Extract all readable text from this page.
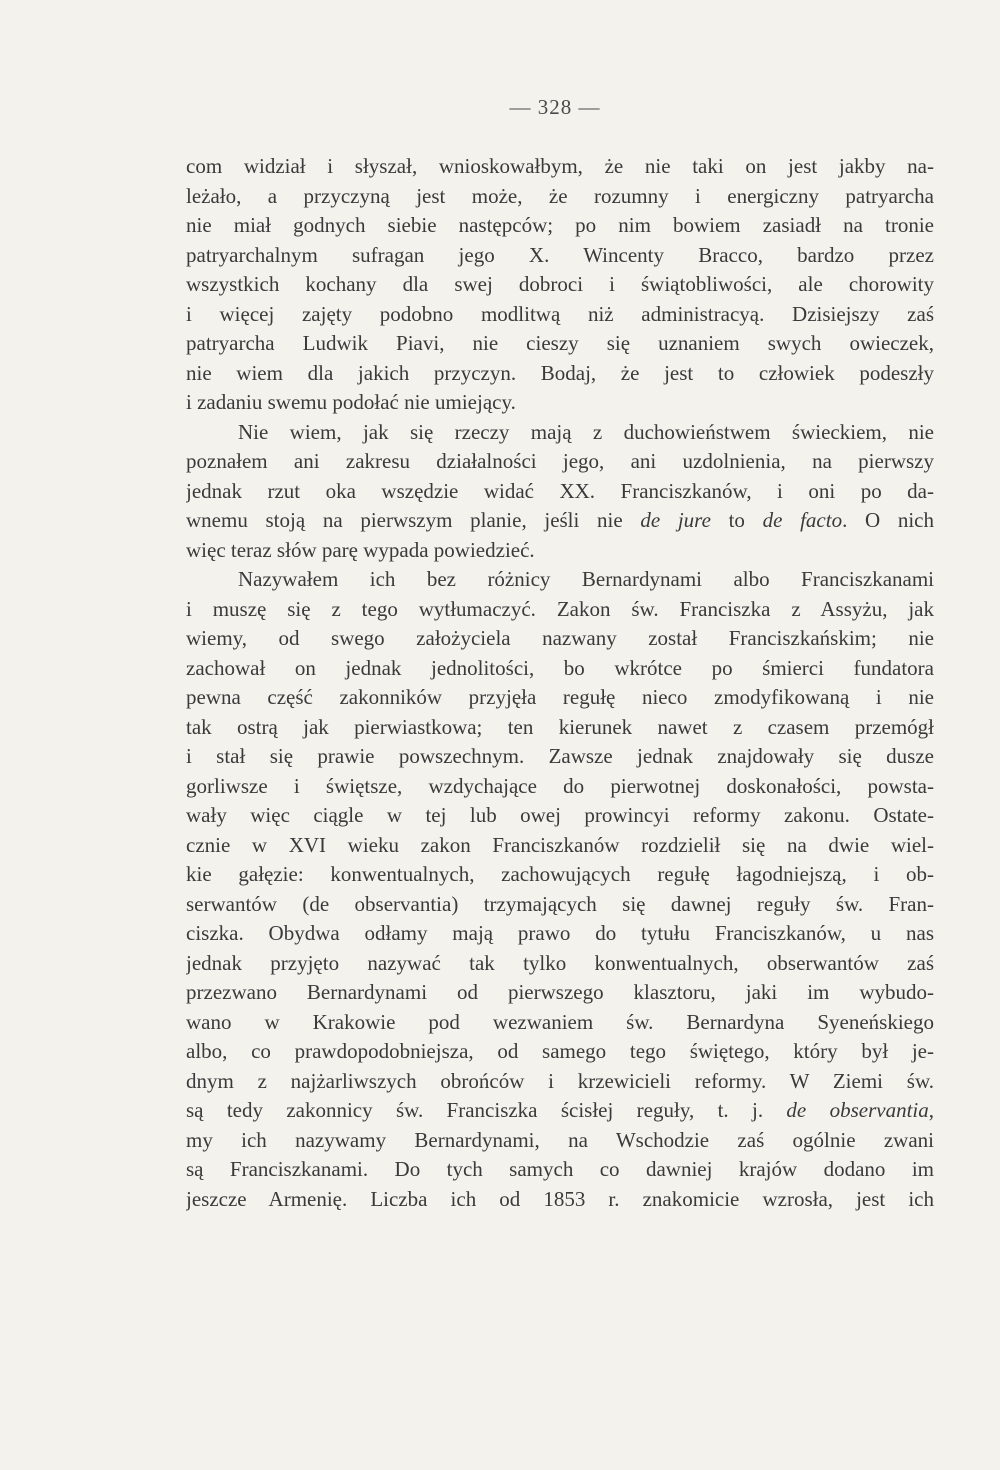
— 328 —
com widział i słyszał, wnioskowałbym, że nie taki on jest jakby na-
leżało, a przyczyną jest może, że rozumny i energiczny patryarcha
nie miał godnych siebie następców; po nim bowiem zasiadł na tronie
patryarchalnym sufragan jego X. Wincenty Bracco, bardzo przez
wszystkich kochany dla swej dobroci i świątobliwości, ale chorowity
i więcej zajęty podobno modlitwą niż administracyą. Dzisiejszy zaś
patryarcha Ludwik Piavi, nie cieszy się uznaniem swych owieczek,
nie wiem dla jakich przyczyn. Bodaj, że jest to człowiek podeszły
i zadaniu swemu podołać nie umiejący.
Nie wiem, jak się rzeczy mają z duchowieństwem świeckiem, nie
poznałem ani zakresu działalności jego, ani uzdolnienia, na pierwszy
jednak rzut oka wszędzie widać XX. Franciszkanów, i oni po da-
wnemu stoją na pierwszym planie, jeśli nie de jure to de facto. O nich
więc teraz słów parę wypada powiedzieć.
Nazywałem ich bez różnicy Bernardynami albo Franciszkanami
i muszę się z tego wytłumaczyć. Zakon św. Franciszka z Assyżu, jak
wiemy, od swego założyciela nazwany został Franciszkańskim; nie
zachował on jednak jednolitości, bo wkrótce po śmierci fundatora
pewna część zakonników przyjęła regułę nieco zmodyfikowaną i nie
tak ostrą jak pierwiastkowa; ten kierunek nawet z czasem przemógł
i stał się prawie powszechnym. Zawsze jednak znajdowały się dusze
gorliwsze i świętsze, wzdychające do pierwotnej doskonałości, powsta-
wały więc ciągle w tej lub owej prowincyi reformy zakonu. Ostate-
cznie w XVI wieku zakon Franciszkanów rozdzielił się na dwie wiel-
kie gałęzie: konwentualnych, zachowujących regułę łagodniejszą, i ob-
serwantów (de observantia) trzymających się dawnej reguły św. Fran-
ciszka. Obydwa odłamy mają prawo do tytułu Franciszkanów, u nas
jednak przyjęto nazywać tak tylko konwentualnych, obserwantów zaś
przezwano Bernardynami od pierwszego klasztoru, jaki im wybudo-
wano w Krakowie pod wezwaniem św. Bernardyna Syeneńskiego
albo, co prawdopodobniejsza, od samego tego świętego, który był je-
dnym z najżarliwszych obrońców i krzewicieli reformy. W Ziemi św.
są tedy zakonnicy św. Franciszka ścisłej reguły, t. j. de observantia,
my ich nazywamy Bernardynami, na Wschodzie zaś ogólnie zwani
są Franciszkanami. Do tych samych co dawniej krajów dodano im
jeszcze Armenię. Liczba ich od 1853 r. znakomicie wzrosła, jest ich
